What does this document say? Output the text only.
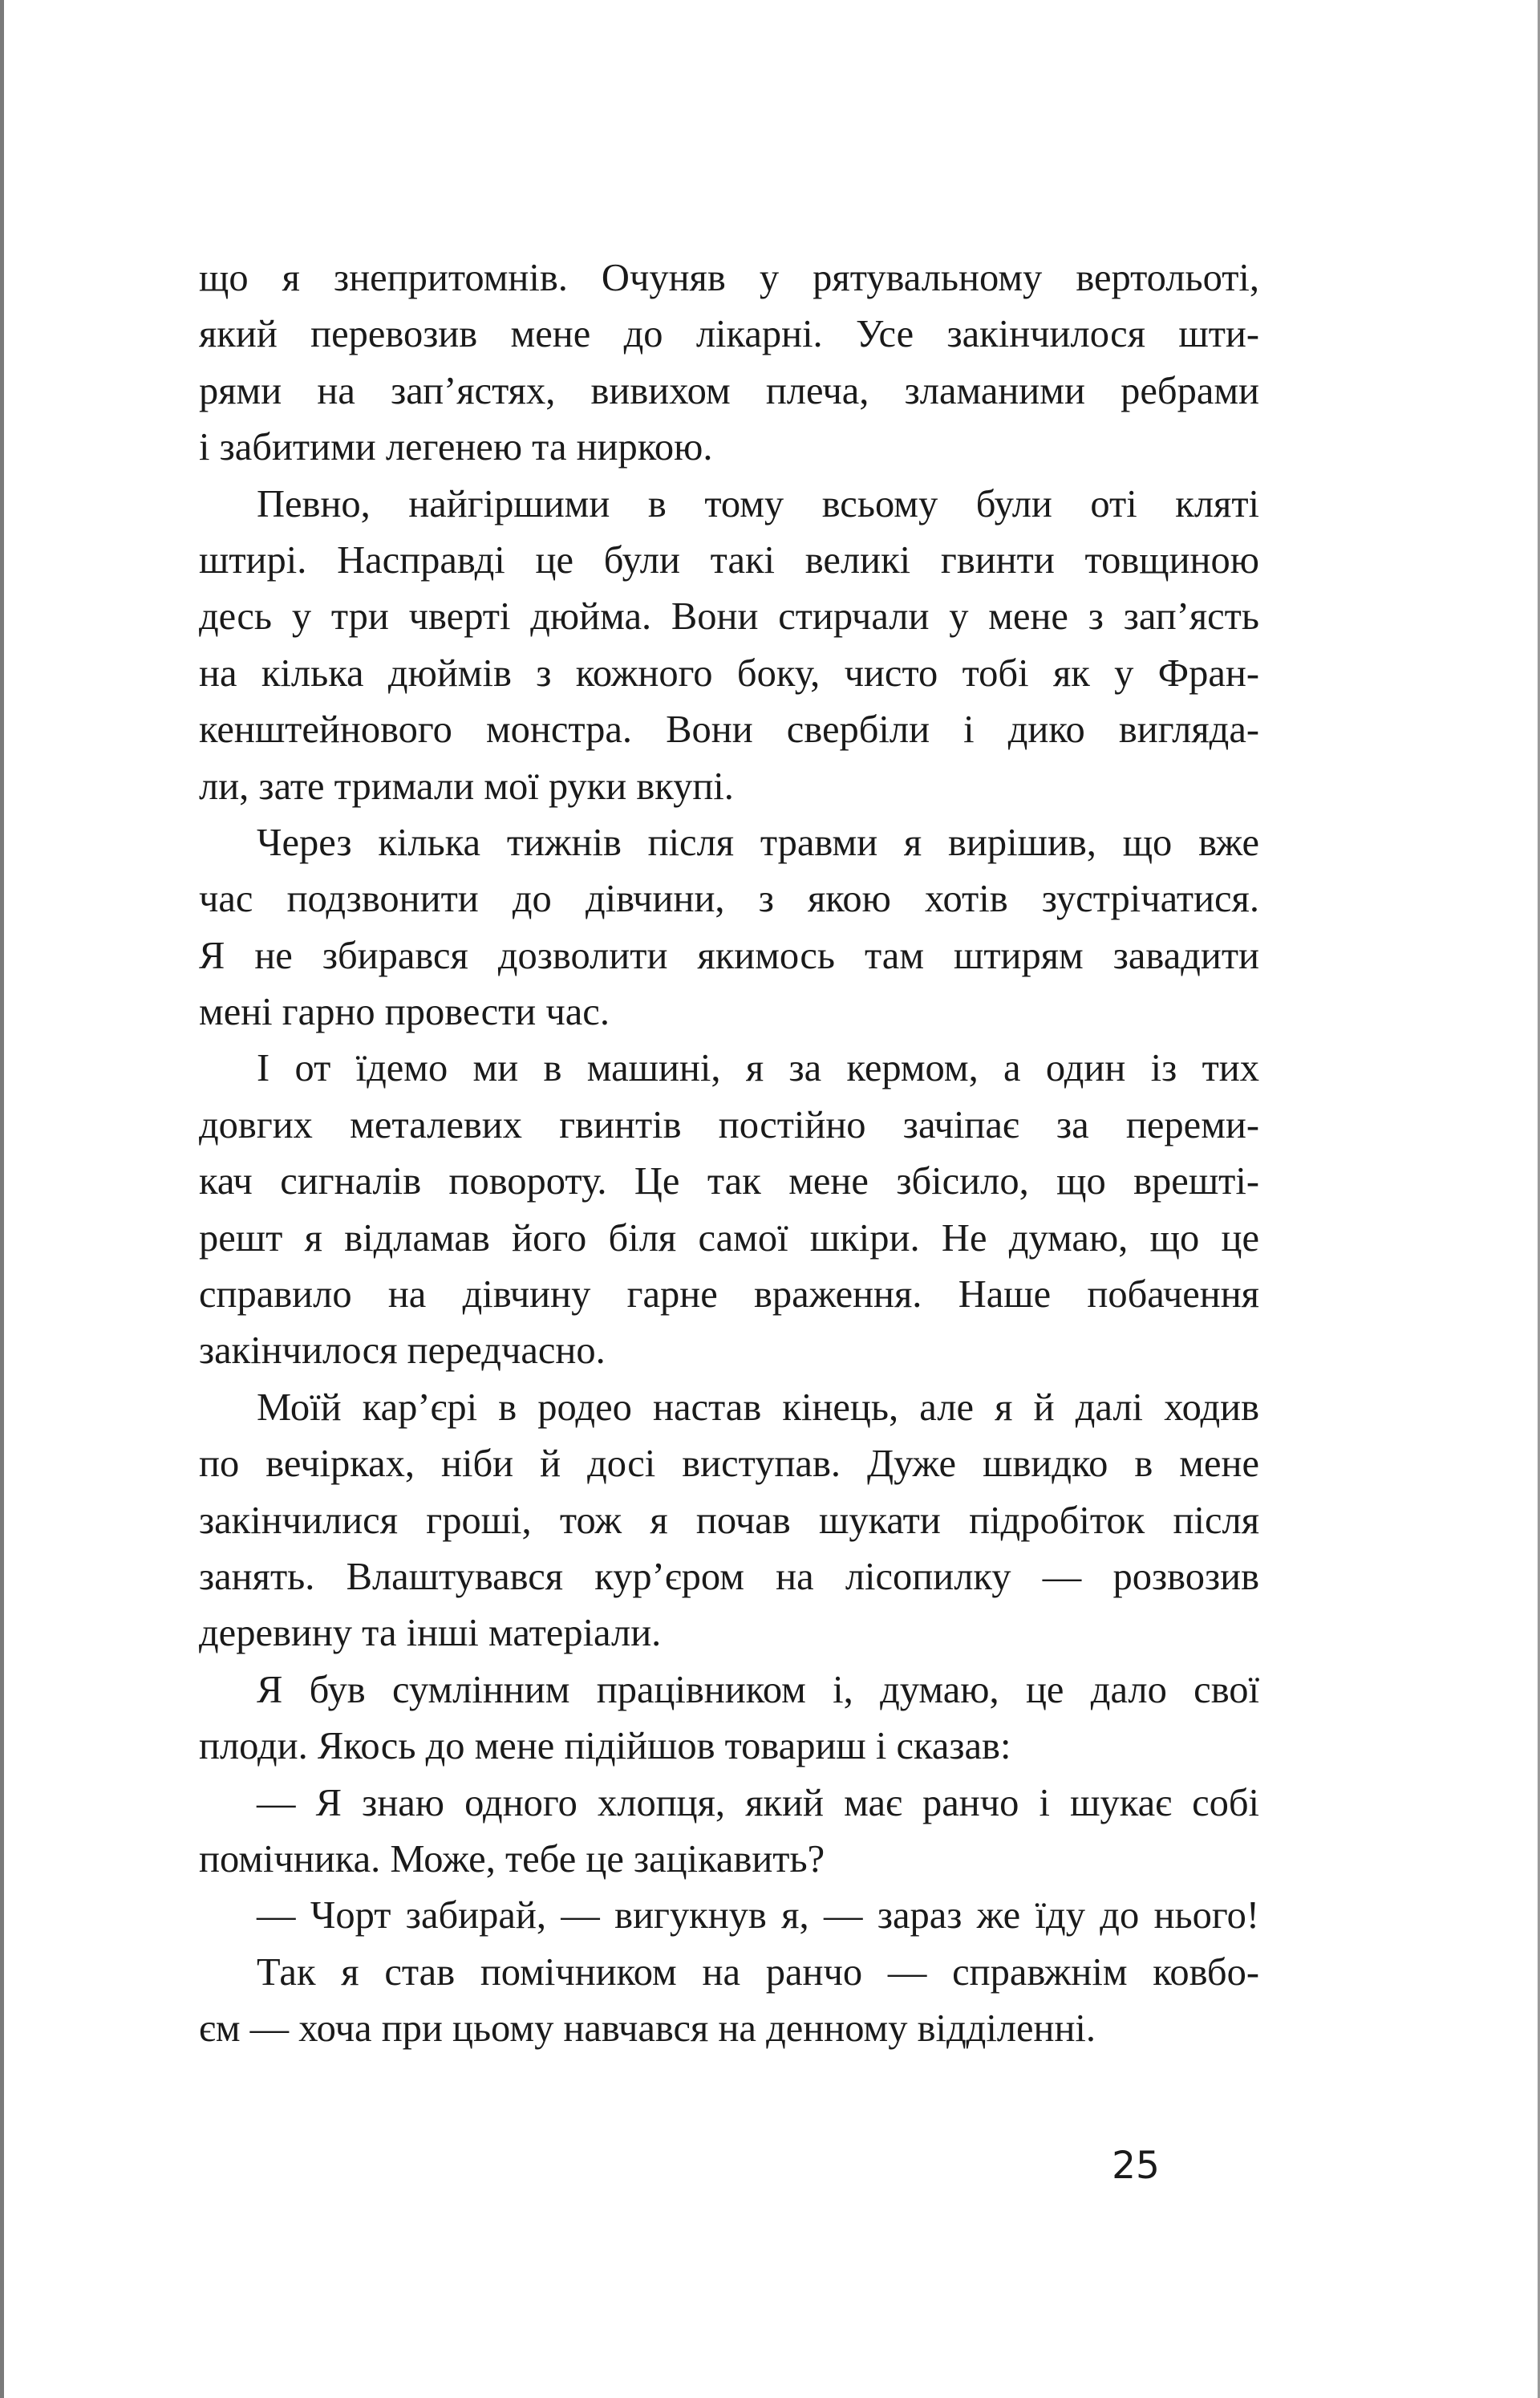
що я знепритомнів. Очуняв у рятувальному вертольоті,
який перевозив мене до лікарні. Усе закінчилося шти-
рями на зап’ястях, вивихом плеча, зламаними ребрами
і забитими легенею та ниркою.
Певно, найгіршими в тому всьому були оті кляті
штирі. Насправді це були такі великі гвинти товщиною
десь у три чверті дюйма. Вони стирчали у мене з зап’ясть
на кілька дюймів з кожного боку, чисто тобі як у Фран-
кенштейнового монстра. Вони свербіли і дико вигляда-
ли, зате тримали мої руки вкупі.
Через кілька тижнів після травми я вирішив, що вже
час подзвонити до дівчини, з якою хотів зустрічатися.
Я не збирався дозволити якимось там штирям завадити
мені гарно провести час.
І от їдемо ми в машині, я за кермом, а один із тих
довгих металевих гвинтів постійно зачіпає за переми-
кач сигналів повороту. Це так мене збісило, що врешті-
решт я відламав його біля самої шкіри. Не думаю, що це
справило на дівчину гарне враження. Наше побачення
закінчилося передчасно.
Моїй кар’єрі в родео настав кінець, але я й далі ходив
по вечірках, ніби й досі виступав. Дуже швидко в мене
закінчилися гроші, тож я почав шукати підробіток після
занять. Влаштувався кур’єром на лісопилку — розвозив
деревину та інші матеріали.
Я був сумлінним працівником і, думаю, це дало свої
плоди. Якось до мене підійшов товариш і сказав:
— Я знаю одного хлопця, який має ранчо і шукає собі
помічника. Може, тебе це зацікавить?
— Чорт забирай, — вигукнув я, — зараз же їду до нього!
Так я став помічником на ранчо — справжнім ковбо-
єм — хоча при цьому навчався на денному відділенні.
25
